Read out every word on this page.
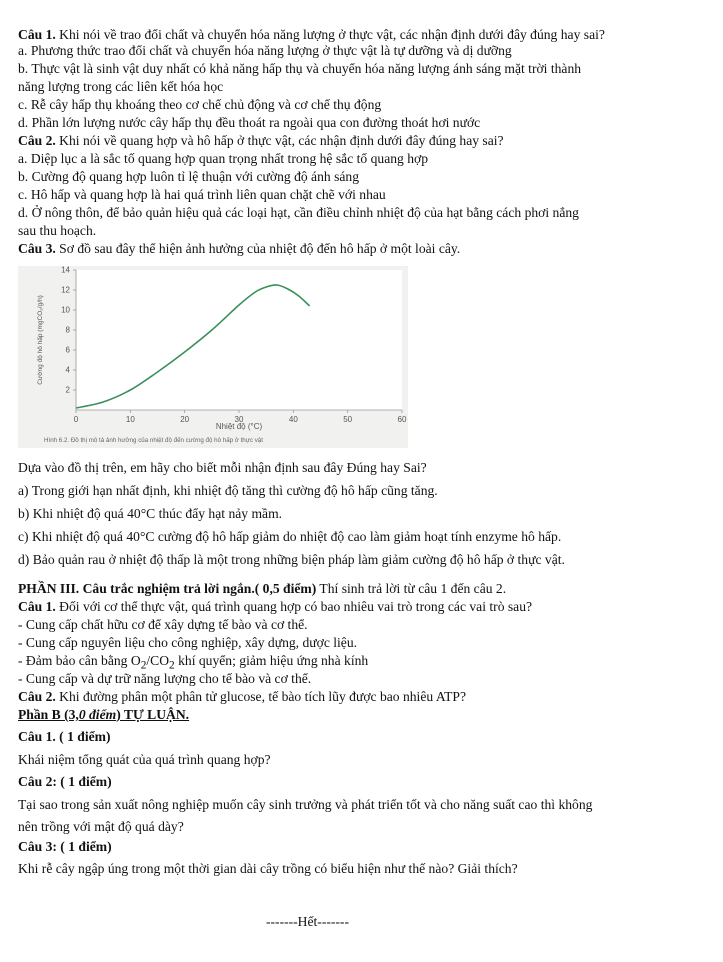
Câu 1. Khi nói về trao đổi chất và chuyển hóa năng lượng ở thực vật, các nhận định dưới đây đúng hay sai?
a. Phương thức trao đổi chất và chuyển hóa năng lượng ở thực vật là tự dưỡng và dị dưỡng
b. Thực vật là sinh vật duy nhất có khả năng hấp thụ và chuyển hóa năng lượng ánh sáng mặt trời thành
năng lượng trong các liên kết hóa học
c. Rễ cây hấp thụ khoáng theo cơ chế chủ động và cơ chế thụ động
d. Phần lớn lượng nước cây hấp thụ đều thoát ra ngoài qua con đường thoát hơi nước
Câu 2. Khi nói về quang hợp và hô hấp ở thực vật, các nhận định dưới đây đúng hay sai?
a. Diệp lục a là sắc tố quang hợp quan trọng nhất trong hệ sắc tố quang hợp
b. Cường độ quang hợp luôn tỉ lệ thuận với cường độ ánh sáng
c. Hô hấp và quang hợp là hai quá trình liên quan chặt chẽ với nhau
d. Ở nông thôn, để bảo quản hiệu quả các loại hạt, cần điều chỉnh nhiệt độ của hạt bằng cách phơi nắng
sau thu hoạch.
Câu 3. Sơ đồ sau đây thể hiện ảnh hưởng của nhiệt độ đến hô hấp ở một loài cây.
0	10	20	30	40	50	60
2
4
6
8
10
12
14
Nhiệt độ (°C)
Cường độ hô hấp (mgCO₂/g/h)
Hình 6.2. Đồ thị mô tả ảnh hưởng của nhiệt độ đến cường độ hô hấp ở thực vật
Dựa vào đồ thị trên, em hãy cho biết mỗi nhận định sau đây Đúng hay Sai?
a) Trong giới hạn nhất định, khi nhiệt độ tăng thì cường độ hô hấp cũng tăng.
b) Khi nhiệt độ quá 40°C thúc đẩy hạt nảy mầm.
c) Khi nhiệt độ quá 40°C cường độ hô hấp giảm do nhiệt độ cao làm giảm hoạt tính enzyme hô hấp.
d) Bảo quản rau ở nhiệt độ thấp là một trong những biện pháp làm giảm cường độ hô hấp ở thực vật.
PHẦN III. Câu trắc nghiệm trả lời ngắn.( 0,5 điểm) Thí sinh trả lời từ câu 1 đến câu 2.
Câu 1. Đối với cơ thể thực vật, quá trình quang hợp có bao nhiêu vai trò trong các vai trò sau?
- Cung cấp chất hữu cơ để xây dựng tế bào và cơ thể.
- Cung cấp nguyên liệu cho công nghiệp, xây dựng, dược liệu.
- Đảm bảo cân bằng $O_2/CO_2$ khí quyển; giảm hiệu ứng nhà kính
- Cung cấp và dự trữ năng lượng cho tế bào và cơ thể.
Câu 2. Khi đường phân một phân tử glucose, tế bào tích lũy được bao nhiêu ATP?
Phần B (3,0 điểm) TỰ LUẬN.
Câu 1. ( 1 điểm)
Khái niệm tổng quát của quá trình quang hợp?
Câu 2: ( 1 điểm)
Tại sao trong sản xuất nông nghiệp muốn cây sinh trưởng và phát triển tốt và cho năng suất cao thì không
nên trồng với mật độ quá dày?
Câu 3: ( 1 điểm)
Khi rễ cây ngập úng trong một thời gian dài cây trồng có biểu hiện như thế nào? Giải thích?
-------Hết-------
